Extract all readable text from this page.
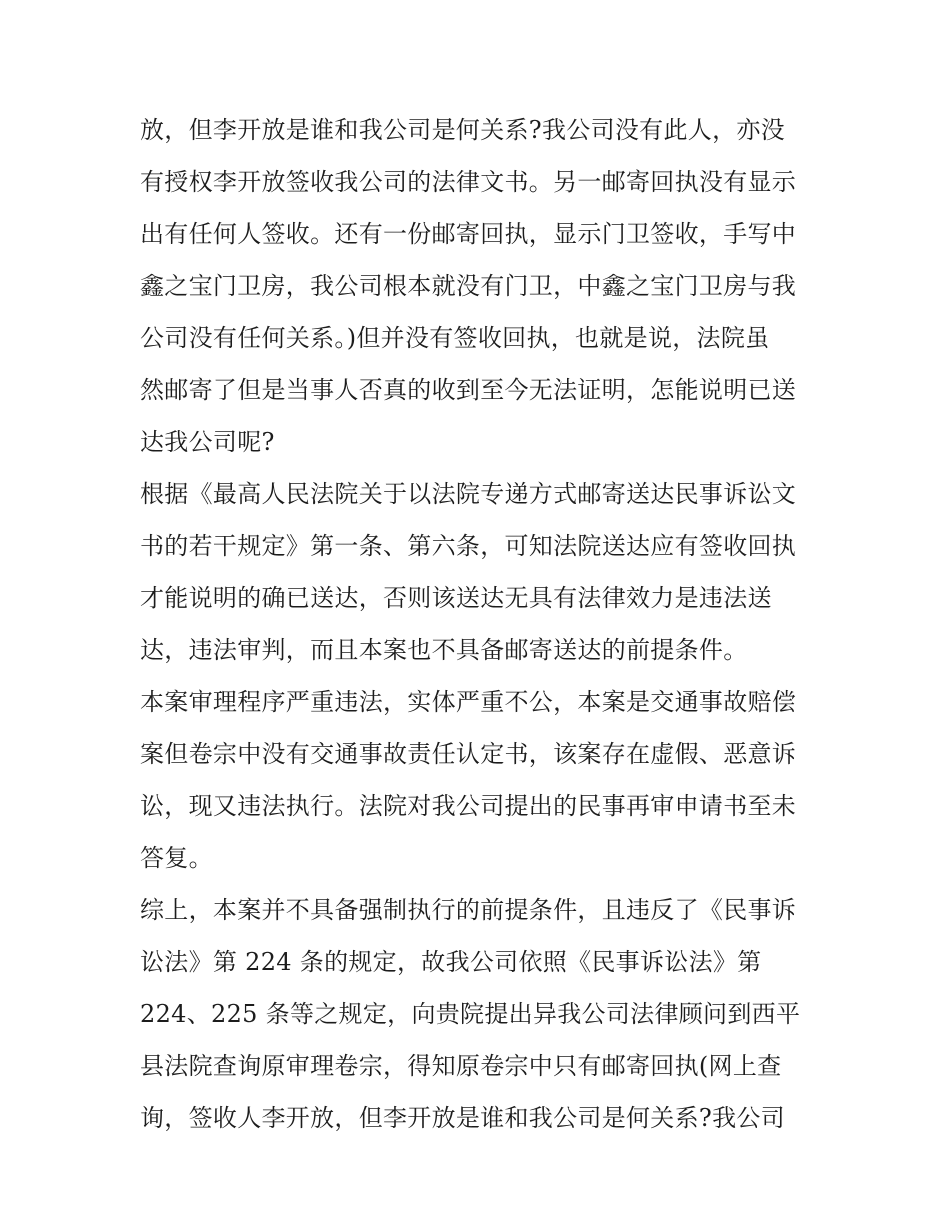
放，但李开放是谁和我公司是何关系?我公司没有此人，亦没
有授权李开放签收我公司的法律文书。另一邮寄回执没有显示
出有任何人签收。还有一份邮寄回执，显示门卫签收，手写中
鑫之宝门卫房，我公司根本就没有门卫，中鑫之宝门卫房与我
公司没有任何关系。)但并没有签收回执，也就是说，法院虽
然邮寄了但是当事人否真的收到至今无法证明，怎能说明已送
达我公司呢?
根据《最高人民法院关于以法院专递方式邮寄送达民事诉讼文
书的若干规定》第一条、第六条，可知法院送达应有签收回执
才能说明的确已送达，否则该送达无具有法律效力是违法送
达，违法审判，而且本案也不具备邮寄送达的前提条件。
本案审理程序严重违法，实体严重不公，本案是交通事故赔偿
案但卷宗中没有交通事故责任认定书，该案存在虚假、恶意诉
讼，现又违法执行。法院对我公司提出的民事再审申请书至未
答复。
综上，本案并不具备强制执行的前提条件，且违反了《民事诉
讼法》第 224 条的规定，故我公司依照《民事诉讼法》第
224、225 条等之规定，向贵院提出异我公司法律顾问到西平
县法院查询原审理卷宗，得知原卷宗中只有邮寄回执(网上查
询，签收人李开放，但李开放是谁和我公司是何关系?我公司
